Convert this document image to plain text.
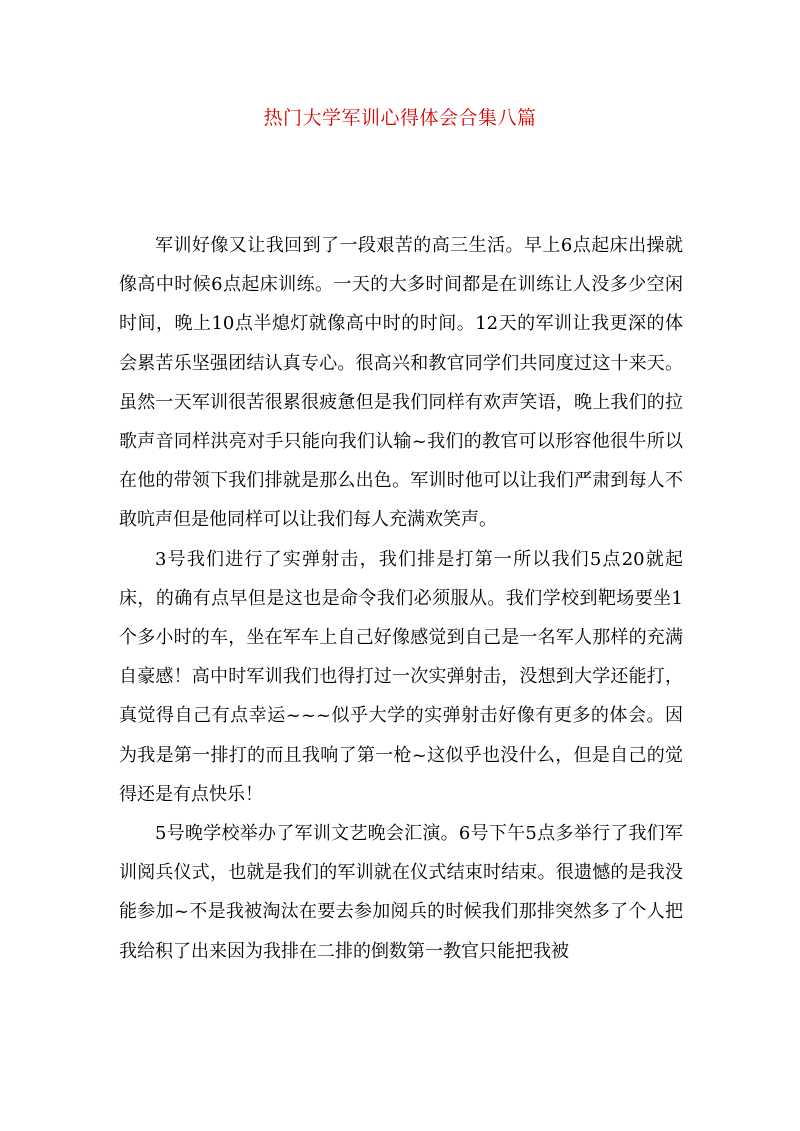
热门大学军训心得体会合集八篇

军训好像又让我回到了一段艰苦的高三生活。早上6点起床出操就像高中时候6点起床训练。一天的大多时间都是在训练让人没多少空闲时间，晚上10点半熄灯就像高中时的时间。12天的军训让我更深的体会累苦乐坚强团结认真专心。很高兴和教官同学们共同度过这十来天。虽然一天军训很苦很累很疲惫但是我们同样有欢声笑语，晚上我们的拉歌声音同样洪亮对手只能向我们认输~我们的教官可以形容他很牛所以在他的带领下我们排就是那么出色。军训时他可以让我们严肃到每人不敢吭声但是他同样可以让我们每人充满欢笑声。

3号我们进行了实弹射击，我们排是打第一所以我们5点20就起床，的确有点早但是这也是命令我们必须服从。我们学校到靶场要坐1个多小时的车，坐在军车上自己好像感觉到自己是一名军人那样的充满自豪感！高中时军训我们也得打过一次实弹射击，没想到大学还能打，真觉得自己有点幸运~~~似乎大学的实弹射击好像有更多的体会。因为我是第一排打的而且我响了第一枪~这似乎也没什么，但是自己的觉得还是有点快乐！

5号晚学校举办了军训文艺晚会汇演。6号下午5点多举行了我们军训阅兵仪式，也就是我们的军训就在仪式结束时结束。很遗憾的是我没能参加~不是我被淘汰在要去参加阅兵的时候我们那排突然多了个人把我给积了出来因为我排在二排的倒数第一教官只能把我被
